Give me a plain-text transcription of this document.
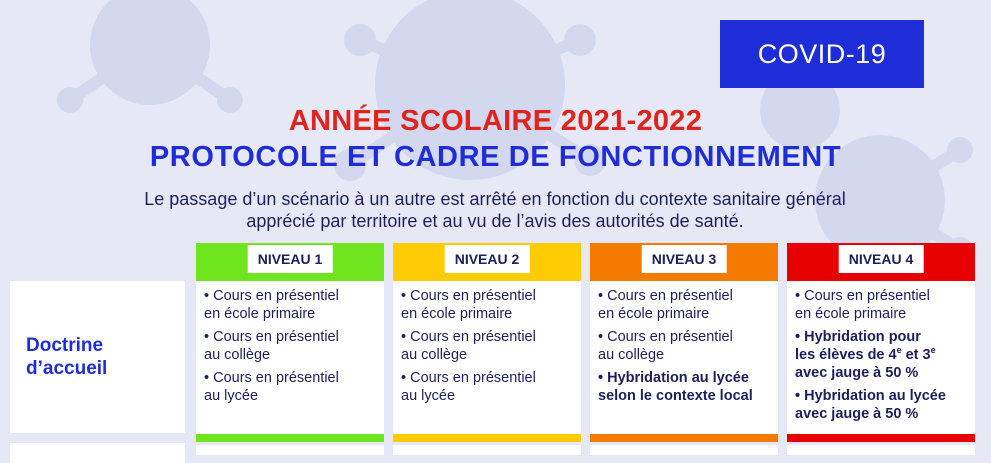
COVID-19
ANNÉE SCOLAIRE 2021-2022
PROTOCOLE ET CADRE DE FONCTIONNEMENT
Le passage d’un scénario à un autre est arrêté en fonction du contexte sanitaire général
apprécié par territoire et au vu de l’avis des autorités de santé.
Doctrine
d’accueil
NIVEAU 1
• Cours en présentiel
en école primaire
• Cours en présentiel
au collège
• Cours en présentiel
au lycée
NIVEAU 2
• Cours en présentiel
en école primaire
• Cours en présentiel
au collège
• Cours en présentiel
au lycée
NIVEAU 3
• Cours en présentiel
en école primaire
• Cours en présentiel
au collège
• Hybridation au lycée
selon le contexte local
NIVEAU 4
• Cours en présentiel
en école primaire
• Hybridation pour
les élèves de 4e et 3e
avec jauge à 50 %
• Hybridation au lycée
avec jauge à 50 %
